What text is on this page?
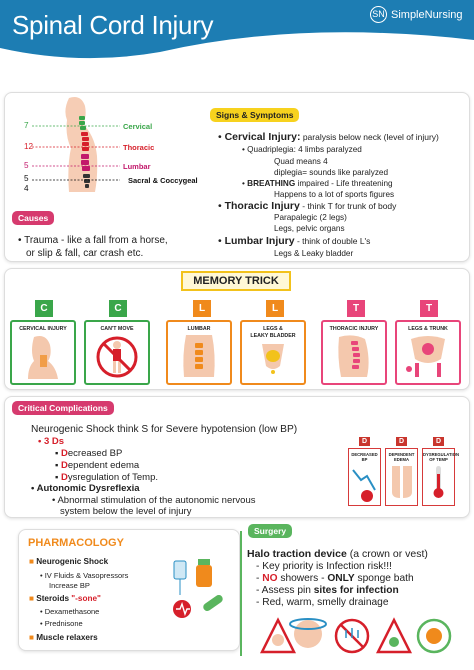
Spinal Cord Injury	SN SimpleNursing
7
12
5
5
4
Cervical
Thoracic
Lumbar
Sacral & Coccygeal
Signs & Symptoms
• Cervical Injury: paralysis below neck (level of injury)
• Quadriplegia: 4 limbs paralyzed
Quad means 4
diplegia= sounds like paralyzed
• BREATHING impaired - Life threatening
Happens to a lot of sports figures
• Thoracic Injury - think T for trunk of body
Parapalegic (2 legs)
Legs, pelvic organs
• Lumbar Injury - think of double L's
Legs & Leaky bladder
Causes
• Trauma - like a fall from a horse,
or slip & fall, car crash etc.
MEMORY TRICK
C	C	L	L	T	T
CERVICAL INJURY	CAN'T MOVE	LUMBAR	LEGS &
LEAKY BLADDER
THORACIC INJURY	LEGS & TRUNK
Critical Complications
Neurogenic Shock think S for Severe hypotension (low BP)
• 3 Ds
▪ Decreased BP
▪ Dependent edema
▪ Dysregulation of Temp.
• Autonomic Dysreflexia
• Abnormal stimulation of the autonomic nervous
system below the level of injury
D	D	D
DECREASED BP
DEPENDENT
EDEMA
DYSREGULATION
OF TEMP
PHARMACOLOGY
■ Neurogenic Shock
• IV Fluids & Vasopressors
Increase BP
■ Steroids "-sone"
• Dexamethasone
• Prednisone
■ Muscle relaxers
Surgery
Halo traction device (a crown or vest)
- Key priority is Infection risk!!!
- NO showers - ONLY sponge bath
- Assess pin sites for infection
- Red, warm, smelly drainage
